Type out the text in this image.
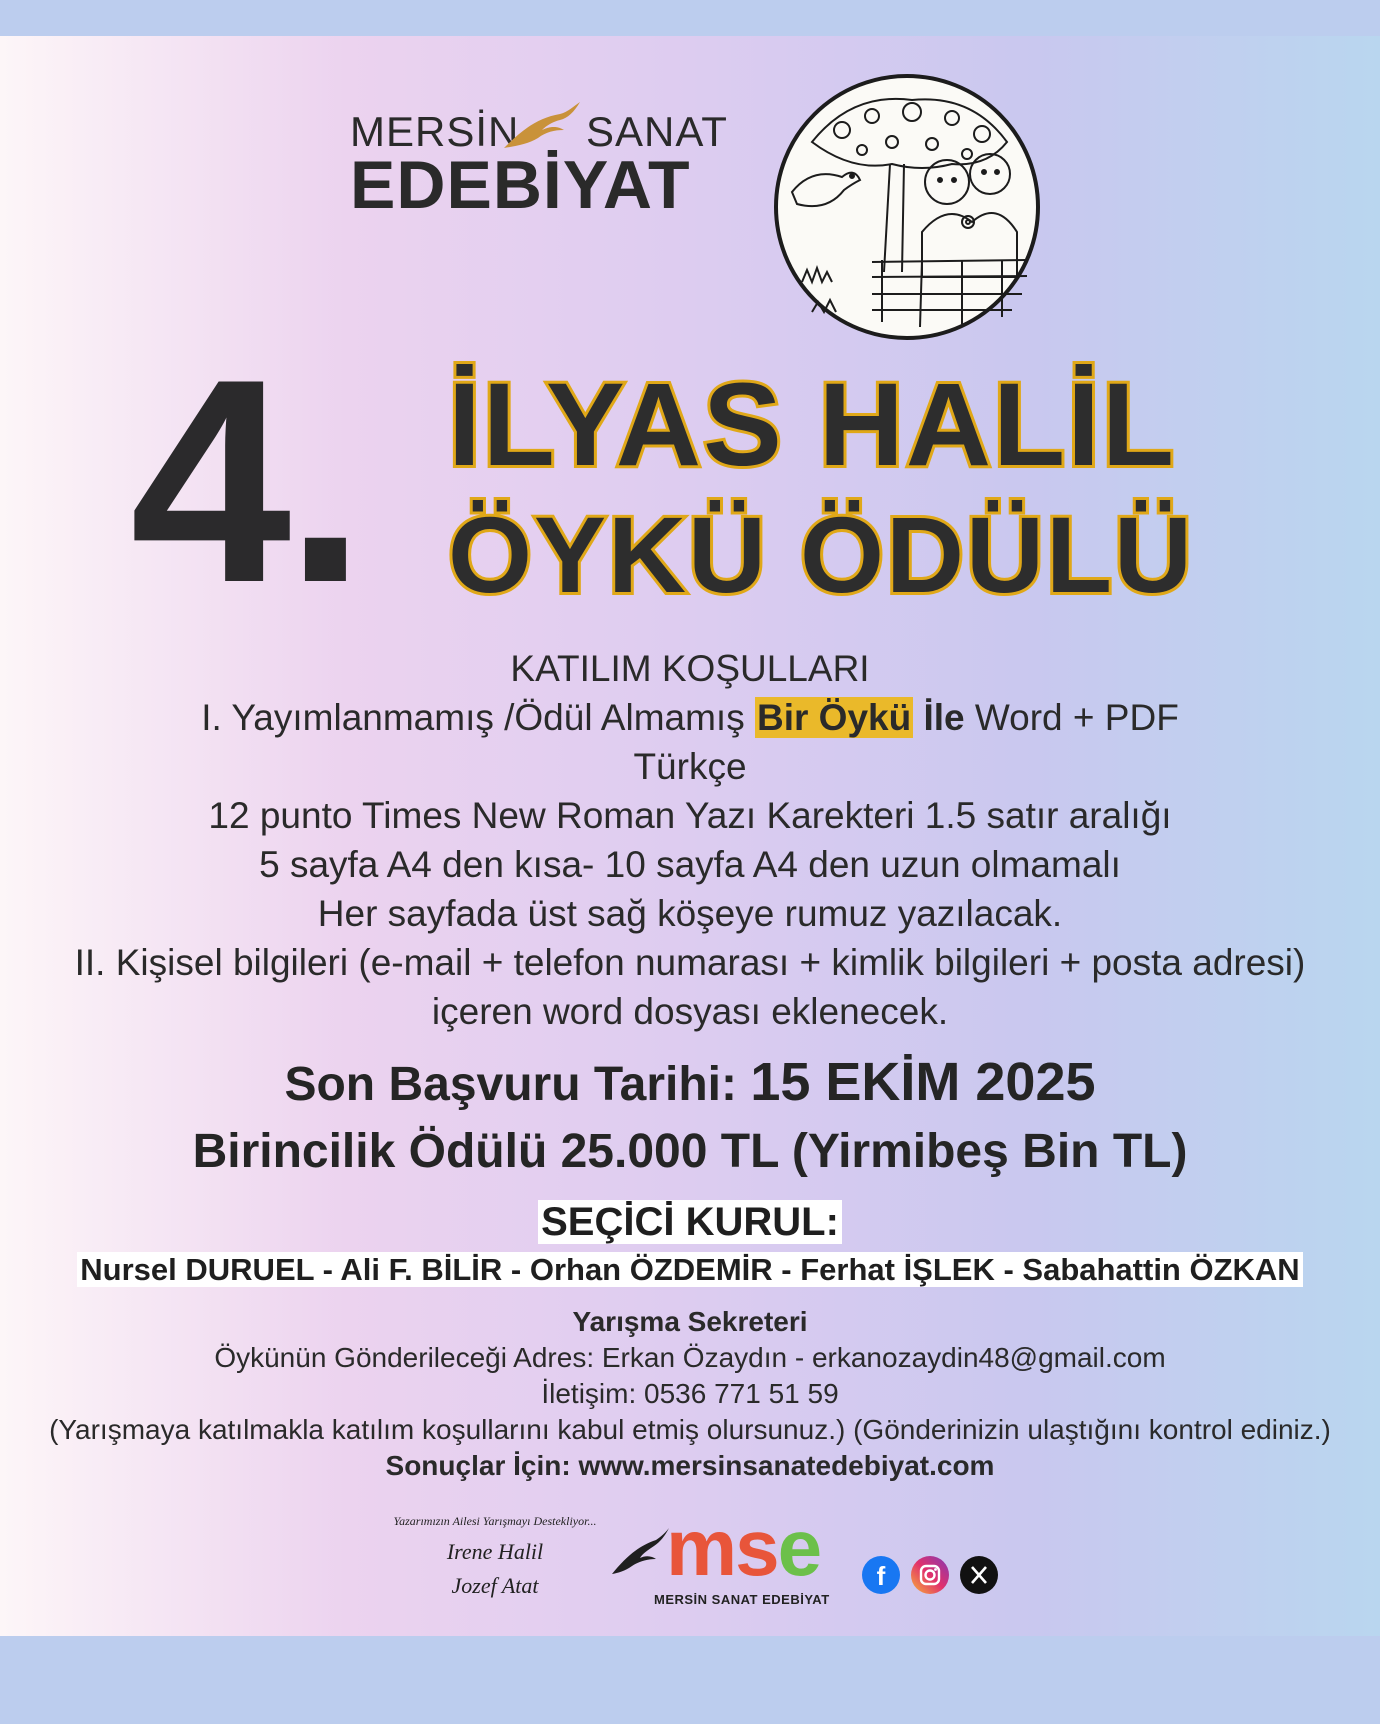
MERSİN SANAT
EDEBİYAT
4. İLYAS HALİL
ÖYKÜ ÖDÜLÜ
KATILIM KOŞULLARI
I. Yayımlanmamış /Ödül Almamış Bir Öykü İle Word + PDF
Türkçe
12 punto Times New Roman Yazı Karekteri 1.5 satır aralığı
5 sayfa A4 den kısa- 10 sayfa A4 den uzun olmamalı
Her sayfada üst sağ köşeye rumuz yazılacak.
II. Kişisel bilgileri (e-mail + telefon numarası + kimlik bilgileri + posta adresi)
içeren word dosyası eklenecek.
Son Başvuru Tarihi: 15 EKİM 2025
Birincilik Ödülü 25.000 TL (Yirmibeş Bin TL)
SEÇİCİ KURUL:
Nursel DURUEL - Ali F. BİLİR - Orhan ÖZDEMİR - Ferhat İŞLEK - Sabahattin ÖZKAN
Yarışma Sekreteri
Öykünün Gönderileceği Adres: Erkan Özaydın - erkanozaydin48@gmail.com
İletişim: 0536 771 51 59
(Yarışmaya katılmakla katılım koşullarını kabul etmiş olursunuz.) (Gönderinizin ulaştığını kontrol ediniz.)
Sonuçlar İçin: www.mersinsanatedebiyat.com
Yazarımızın Ailesi Yarışmayı Destekliyor...
Irene Halil
Jozef Atat	mse
MERSİN SANAT EDEBİYAT
f
